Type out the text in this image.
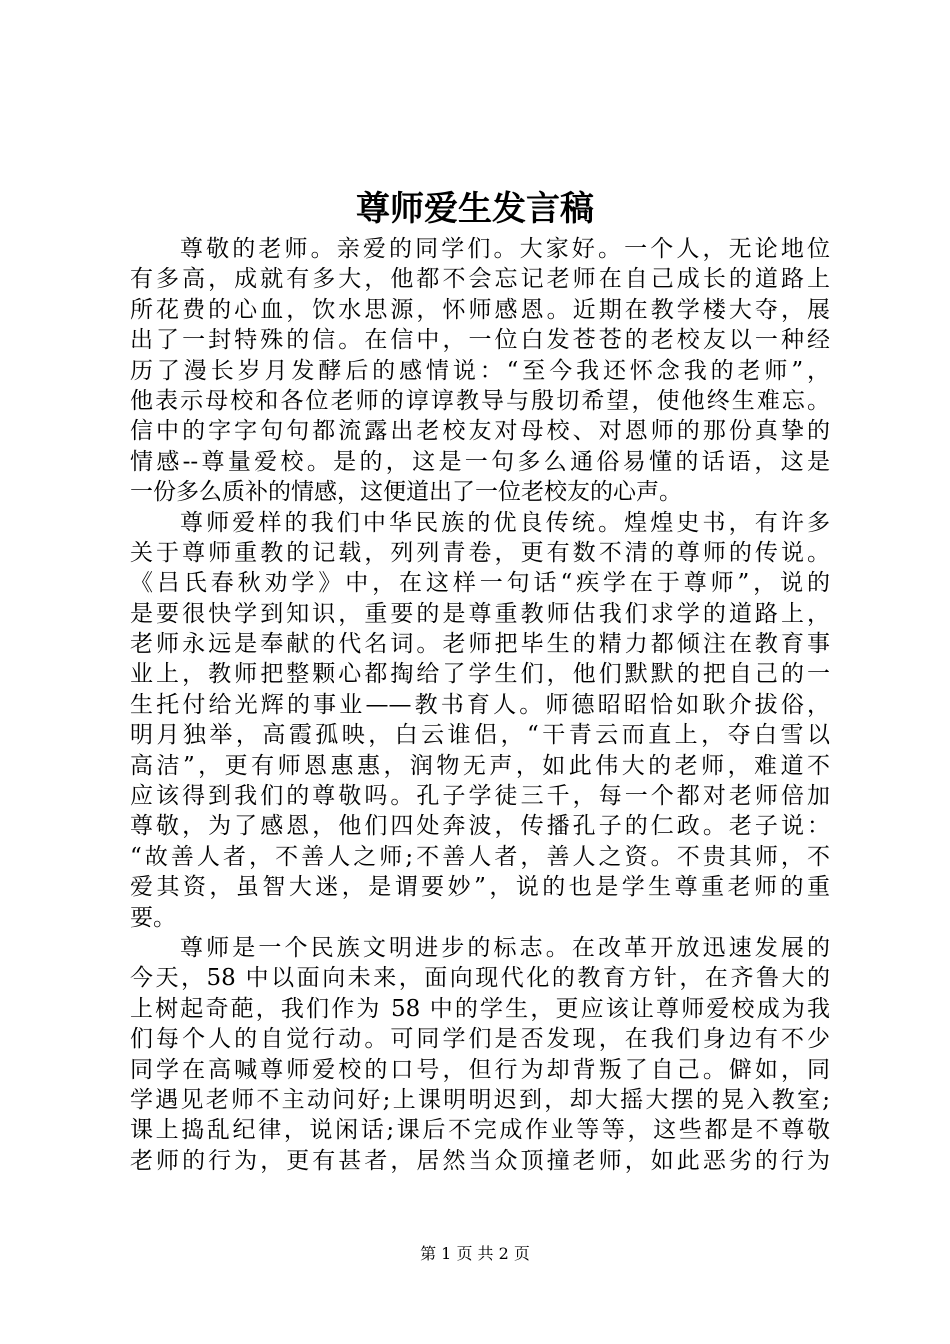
尊师爱生发言稿
尊敬的老师。亲爱的同学们。大家好。一个人，无论地位
有多高，成就有多大，他都不会忘记老师在自己成长的道路上
所花费的心血，饮水思源，怀师感恩。近期在教学楼大夺，展
出了一封特殊的信。在信中，一位白发苍苍的老校友以一种经
历了漫长岁月发酵后的感情说：“至今我还怀念我的老师”，
他表示母校和各位老师的谆谆教导与殷切希望，使他终生难忘。
信中的字字句句都流露出老校友对母校、对恩师的那份真挚的
情感--尊量爱校。是的，这是一句多么通俗易懂的话语，这是
一份多么质补的情感，这便道出了一位老校友的心声。
尊师爱样的我们中华民族的优良传统。煌煌史书，有许多
关于尊师重教的记载，列列青卷，更有数不清的尊师的传说。
《吕氏春秋劝学》中，在这样一句话“疾学在于尊师”，说的
是要很快学到知识，重要的是尊重教师估我们求学的道路上，
老师永远是奉献的代名词。老师把毕生的精力都倾注在教育事
业上，教师把整颗心都掏给了学生们，他们默默的把自己的一
生托付给光辉的事业——教书育人。师德昭昭恰如耿介拔俗，
明月独举，高霞孤映，白云谁侣，“干青云而直上，夺白雪以
高洁”，更有师恩惠惠，润物无声，如此伟大的老师，难道不
应该得到我们的尊敬吗。孔子学徒三千，每一个都对老师倍加
尊敬，为了感恩，他们四处奔波，传播孔子的仁政。老子说：
“故善人者，不善人之师;不善人者，善人之资。不贵其师，不
爱其资，虽智大迷，是谓要妙”，说的也是学生尊重老师的重
要。
尊师是一个民族文明进步的标志。在改革开放迅速发展的
今天，58 中以面向未来，面向现代化的教育方针，在齐鲁大的
上树起奇葩，我们作为 58 中的学生，更应该让尊师爱校成为我
们每个人的自觉行动。可同学们是否发现，在我们身边有不少
同学在高喊尊师爱校的口号，但行为却背叛了自己。僻如，同
学遇见老师不主动问好;上课明明迟到，却大摇大摆的晃入教室;
课上捣乱纪律，说闲话;课后不完成作业等等，这些都是不尊敬
老师的行为，更有甚者，居然当众顶撞老师，如此恶劣的行为
第 1 页 共 2 页
